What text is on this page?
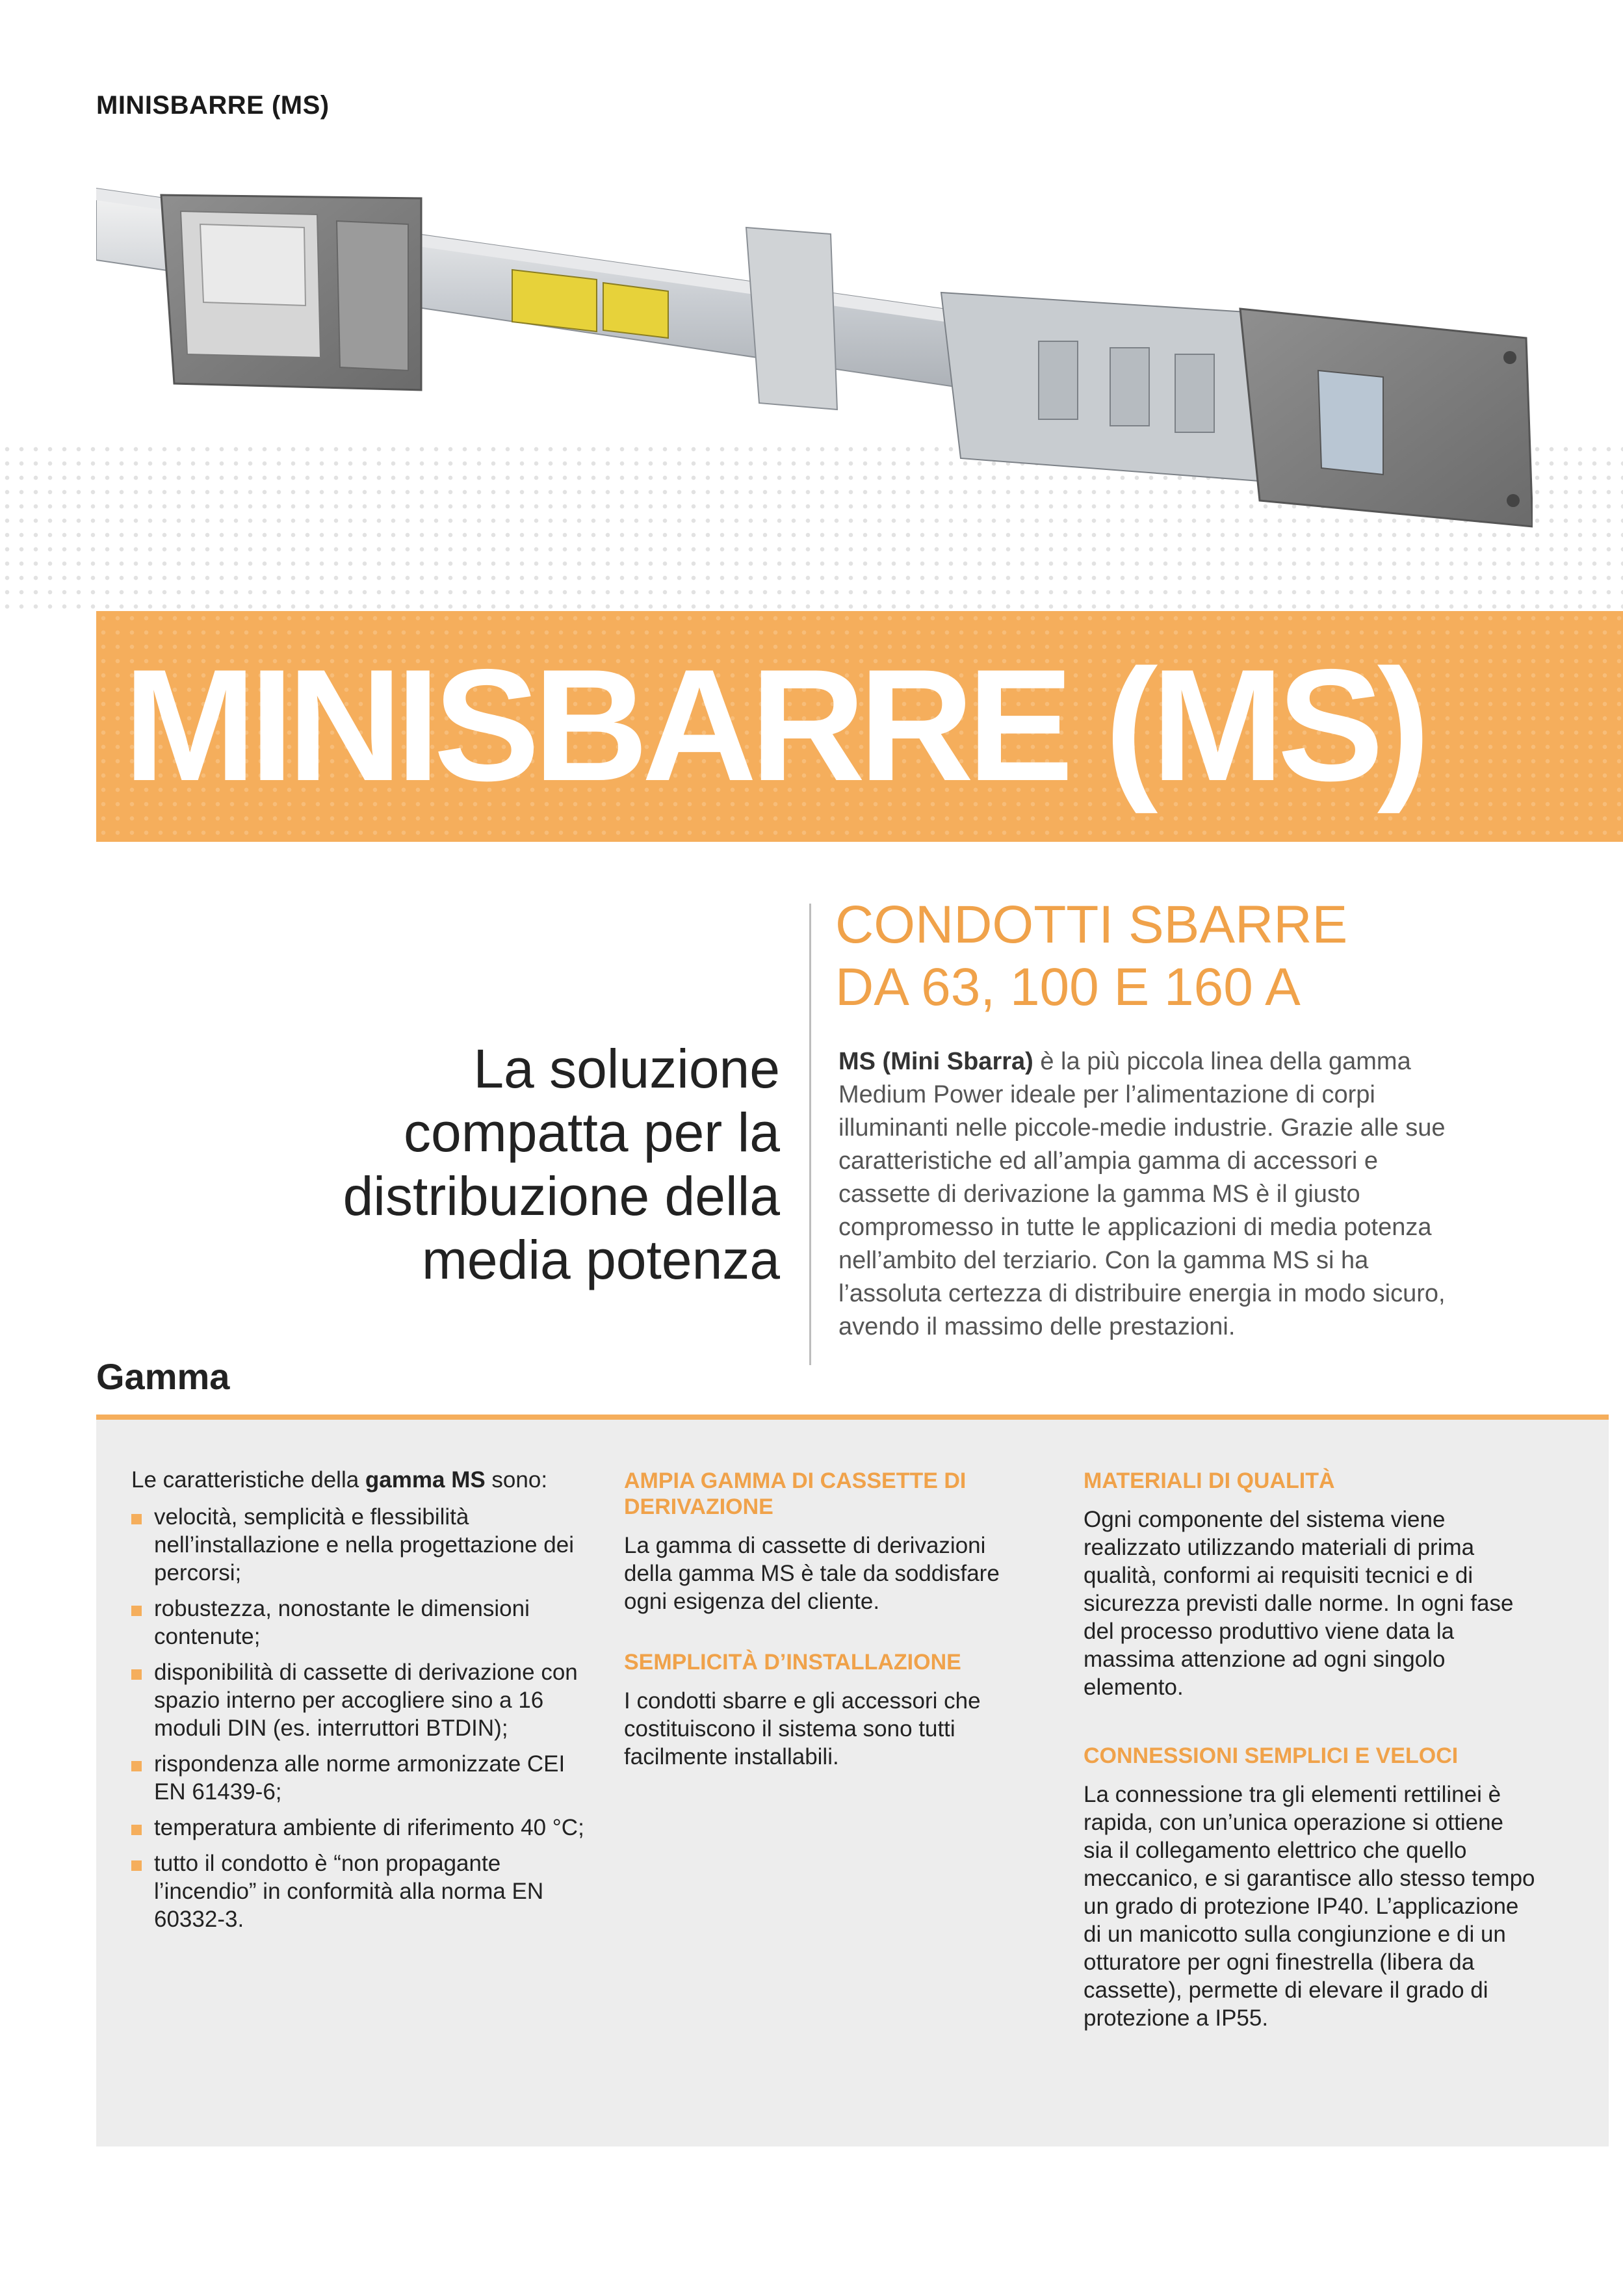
MINISBARRE (MS)
MINISBARRE (MS)
CONDOTTI SBARRE
DA 63, 100 E 160 A
La soluzione
compatta per la
distribuzione della
media potenza
MS (Mini Sbarra) è la più piccola linea della gamma Medium Power ideale per l’alimentazione di corpi illuminanti nelle piccole-medie industrie. Grazie alle sue caratteristiche ed all’ampia gamma di accessori e cassette di derivazione la gamma MS è il giusto compromesso in tutte le applicazioni di media potenza nell’ambito del terziario. Con la gamma MS si ha l’assoluta certezza di distribuire energia in modo sicuro, avendo il massimo delle prestazioni.
Gamma
Le caratteristiche della gamma MS sono:
velocità, semplicità e flessibilità nell’installazione e nella progettazione dei percorsi;
robustezza, nonostante le dimensioni contenute;
disponibilità di cassette di derivazione con spazio interno per accogliere sino a 16 moduli DIN (es. interruttori BTDIN);
rispondenza alle norme armonizzate CEI EN 61439-6;
temperatura ambiente di riferimento 40 °C;
tutto il condotto è “non propagante l’incendio” in conformità alla norma EN 60332-3.
AMPIA GAMMA DI CASSETTE DI DERIVAZIONE
La gamma di cassette di derivazioni della gamma MS è tale da soddisfare ogni esigenza del cliente.
SEMPLICITÀ D’INSTALLAZIONE
I condotti sbarre e gli accessori che costituiscono il sistema sono tutti facilmente installabili.
MATERIALI DI QUALITÀ
Ogni componente del sistema viene realizzato utilizzando materiali di prima qualità, conformi ai requisiti tecnici e di sicurezza previsti dalle norme. In ogni fase del processo produttivo viene data la massima attenzione ad ogni singolo elemento.
CONNESSIONI SEMPLICI E VELOCI
La connessione tra gli elementi rettilinei è rapida, con un’unica operazione si ottiene sia il collegamento elettrico che quello meccanico, e si garantisce allo stesso tempo un grado di protezione IP40. L’applicazione di un manicotto sulla congiunzione e di un otturatore per ogni finestrella (libera da cassette), permette di elevare il grado di protezione a IP55.
